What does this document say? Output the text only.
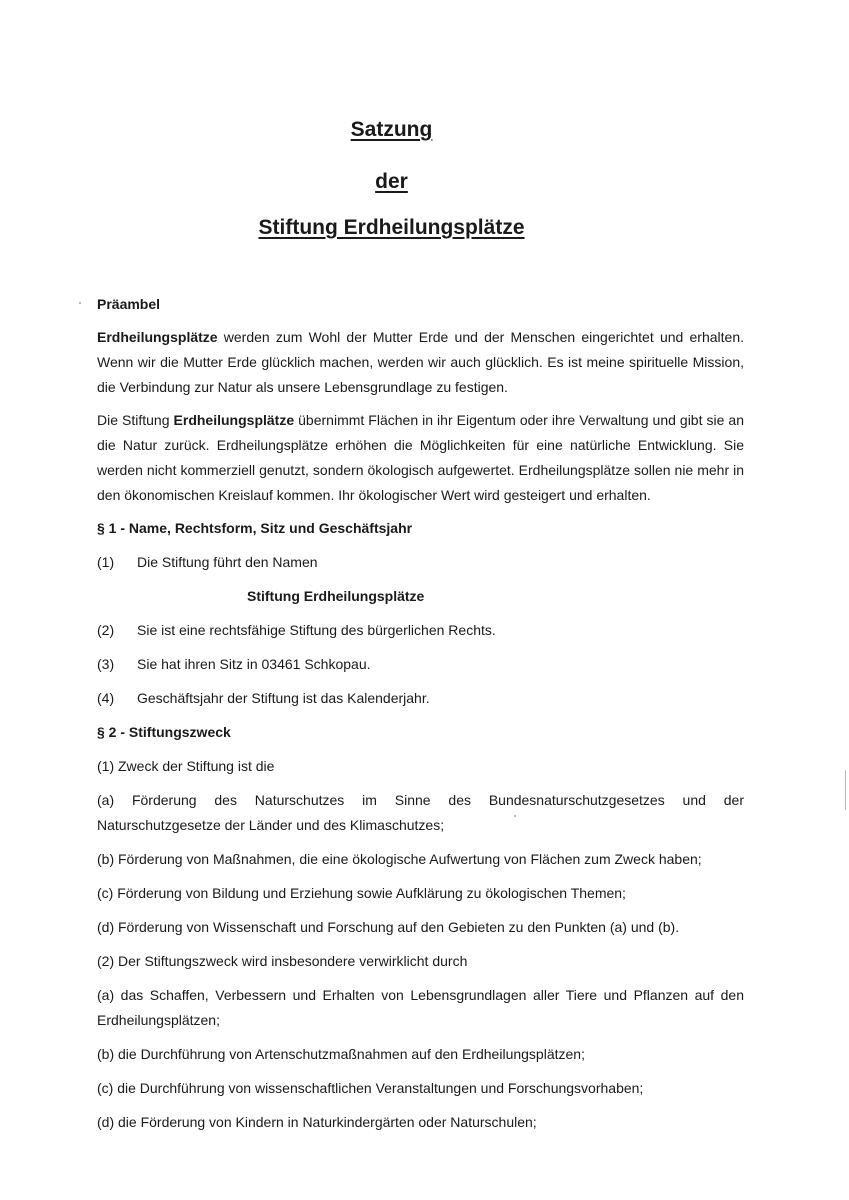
Satzung
der
Stiftung Erdheilungsplätze

Präambel

Erdheilungsplätze werden zum Wohl der Mutter Erde und der Menschen eingerichtet und erhalten. Wenn wir die Mutter Erde glücklich machen, werden wir auch glücklich. Es ist meine spirituelle Mission, die Verbindung zur Natur als unsere Lebensgrundlage zu festigen.

Die Stiftung Erdheilungsplätze übernimmt Flächen in ihr Eigentum oder ihre Verwaltung und gibt sie an die Natur zurück. Erdheilungsplätze erhöhen die Möglichkeiten für eine natürliche Entwicklung. Sie werden nicht kommerziell genutzt, sondern ökologisch aufgewertet. Erdheilungsplätze sollen nie mehr in den ökonomischen Kreislauf kommen. Ihr ökologischer Wert wird gesteigert und erhalten.

§ 1 - Name, Rechtsform, Sitz und Geschäftsjahr

(1)	Die Stiftung führt den Namen

Stiftung Erdheilungsplätze

(2)	Sie ist eine rechtsfähige Stiftung des bürgerlichen Rechts.

(3)	Sie hat ihren Sitz in 03461 Schkopau.

(4)	Geschäftsjahr der Stiftung ist das Kalenderjahr.

§ 2 - Stiftungszweck

(1) Zweck der Stiftung ist die

(a) Förderung des Naturschutzes im Sinne des Bundesnaturschutzgesetzes und der Naturschutzgesetze der Länder und des Klimaschutzes;

(b) Förderung von Maßnahmen, die eine ökologische Aufwertung von Flächen zum Zweck haben;

(c) Förderung von Bildung und Erziehung sowie Aufklärung zu ökologischen Themen;

(d) Förderung von Wissenschaft und Forschung auf den Gebieten zu den Punkten (a) und (b).

(2) Der Stiftungszweck wird insbesondere verwirklicht durch

(a) das Schaffen, Verbessern und Erhalten von Lebensgrundlagen aller Tiere und Pflanzen auf den Erdheilungsplätzen;

(b) die Durchführung von Artenschutzmaßnahmen auf den Erdheilungsplätzen;

(c) die Durchführung von wissenschaftlichen Veranstaltungen und Forschungsvorhaben;

(d) die Förderung von Kindern in Naturkindergärten oder Naturschulen;
